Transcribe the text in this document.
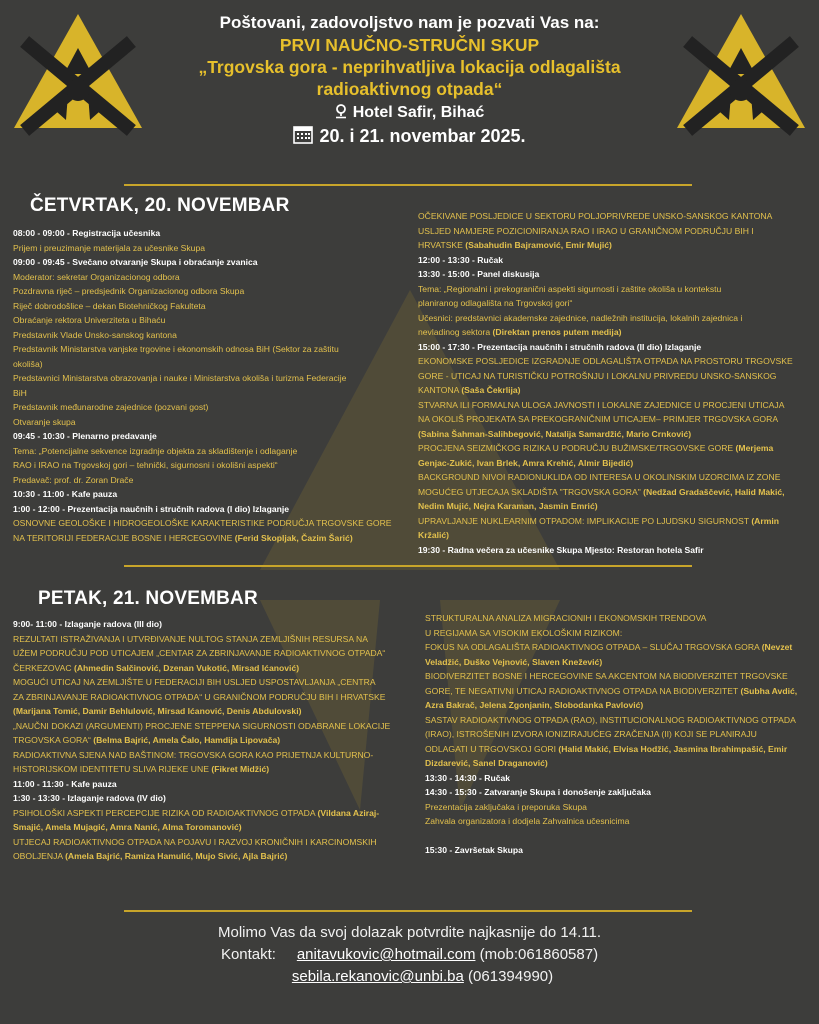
Poštovani, zadovoljstvo nam je pozvati Vas na:
PRVI NAUČNO-STRUČNI SKUP
„Trgovska gora - neprihvatljiva lokacija odlagališta
radioaktivnog otpada“
Hotel Safir, Bihać
20. i 21. novembar 2025.
ČETVRTAK, 20. NOVEMBAR
08:00 - 09:00 - Registracija učesnika
Prijem i preuzimanje materijala za učesnike Skupa
09:00 - 09:45 - Svečano otvaranje Skupa i obraćanje zvanica
Moderator: sekretar Organizacionog odbora
Pozdravna riječ – predsjednik Organizacionog odbora Skupa
Riječ dobrodošlice – dekan Biotehničkog Fakulteta
Obraćanje rektora Univerziteta u Bihaću
Predstavnik Vlade Unsko-sanskog kantona
Predstavnik Ministarstva vanjske trgovine i ekonomskih odnosa BiH (Sektor za zaštitu
okoliša)
Predstavnici Ministarstva obrazovanja i nauke i Ministarstva okoliša i turizma Federacije
BiH
Predstavnik međunarodne zajednice (pozvani gost)
Otvaranje skupa
09:45 - 10:30 - Plenarno predavanje
Tema: „Potencijalne sekvence izgradnje objekta za skladištenje i odlaganje
RAO i IRAO na Trgovskoj gori – tehnički, sigurnosni i okolišni aspekti“
Predavač: prof. dr. Zoran Drače
10:30 - 11:00 - Kafe pauza
1:00 - 12:00 - Prezentacija naučnih i stručnih radova (I dio) Izlaganje
OSNOVNE GEOLOŠKE I HIDROGEOLOŠKE KARAKTERISTIKE PODRUČJA TRGOVSKE GORE
NA TERITORIJI FEDERACIJE BOSNE I HERCEGOVINE (Ferid Skopljak, Čazim Šarić)
OČEKIVANE POSLJEDICE U SEKTORU POLJOPRIVREDE UNSKO-SANSKOG KANTONA
USLJED NAMJERE POZICIONIRANJA RAO I IRAO U GRANIČNOM PODRUČJU BIH I
HRVATSKE (Sabahudin Bajramović, Emir Mujić)
12:00 - 13:30 - Ručak
13:30 - 15:00 - Panel diskusija
Tema: „Regionalni i prekogranični aspekti sigurnosti i zaštite okoliša u kontekstu
planiranog odlagališta na Trgovskoj gori“
Učesnici: predstavnici akademske zajednice, nadležnih institucija, lokalnih zajednica i
nevladinog sektora (Direktan prenos putem medija)
15:00 - 17:30 - Prezentacija naučnih i stručnih radova (II dio) Izlaganje
EKONOMSKE POSLJEDICE IZGRADNJE ODLAGALIŠTA OTPADA NA PROSTORU TRGOVSKE
GORE - UTICAJ NA TURISTIČKU POTROŠNJU I LOKALNU PRIVREDU UNSKO-SANSKOG
KANTONA (Saša Čekrlija)
STVARNA ILI FORMALNA ULOGA JAVNOSTI I LOKALNE ZAJEDNICE U PROCJENI UTICAJA
NA OKOLIŠ PROJEKATA SA PREKOGRANIČNIM UTICAJEM– PRIMJER TRGOVSKA GORA
(Sabina Šahman-Salihbegović, Natalija Samardžić, Mario Crnković)
PROCJENA SEIZMIČKOG RIZIKA U PODRUČJU BUŽIMSKE/TRGOVSKE GORE (Merjema
Genjac-Zukić, Ivan Brlek, Amra Krehić, Almir Bijedić)
BACKGROUND NIVOI RADIONUKLIDA OD INTERESA U OKOLINSKIM UZORCIMA IZ ZONE
MOGUĆEG UTJECAJA SKLADIŠTA "TRGOVSKA GORA" (Nedžad Gradaščević, Halid Makić,
Nedim Mujić, Nejra Karaman, Jasmin Emrić)
UPRAVLJANJE NUKLEARNIM OTPADOM: IMPLIKACIJE PO LJUDSKU SIGURNOST (Armin
Kržalić)
19:30 - Radna večera za učesnike Skupa Mjesto: Restoran hotela Safir
PETAK, 21. NOVEMBAR
9:00- 11:00 - Izlaganje radova (III dio)
REZULTATI ISTRAŽIVANJA I UTVRĐIVANJE NULTOG STANJA ZEMLJIŠNIH RESURSA NA
UŽEM PODRUČJU POD UTICAJEM „CENTAR ZA ZBRINJAVANJE RADIOAKTIVNOG OTPADA“
ČERKEZOVAC (Ahmedin Salčinović, Dzenan Vukotić, Mirsad Ićanović)
MOGUĆI UTICAJ NA ZEMLJIŠTE U FEDERACIJI BIH USLJED USPOSTAVLJANJA „CENTRA
ZA ZBRINJAVANJE RADIOAKTIVNOG OTPADA“ U GRANIČNOM PODRUČJU BIH I HRVATSKE
(Marijana Tomić, Damir Behlulović, Mirsad Ićanović, Denis Abdulovski)
„NAUČNI DOKAZI (ARGUMENTI) PROCJENE STEPPENA SIGURNOSTI ODABRANE LOKACIJE
TRGOVSKA GORA“ (Belma Bajrić, Amela Čalo, Hamdija Lipovača)
RADIOAKTIVNA SJENA NAD BAŠTINOM: TRGOVSKA GORA KAO PRIJETNJA KULTURNO-
HISTORIJSKOM IDENTITETU SLIVA RIJEKE UNE (Fikret Midžić)
11:00 - 11:30 - Kafe pauza
1:30 - 13:30 - Izlaganje radova (IV dio)
PSIHOLOŠKI ASPEKTI PERCEPCIJE RIZIKA OD RADIOAKTIVNOG OTPADA (Vildana Aziraj-
Smajić, Amela Mujagić, Amra Nanić, Alma Toromanović)
UTJECAJ RADIOAKTIVNOG OTPADA NA POJAVU I RAZVOJ KRONIČNIH I KARCINOMSKIH
OBOLJENJA (Amela Bajrić, Ramiza Hamulić, Mujo Sivić, Ajla Bajrić)
STRUKTURALNA ANALIZA MIGRACIONIH I EKONOMSKIH TRENDOVA
U REGIJAMA SA VISOKIM EKOLOŠKIM RIZIKOM:
FOKUS NA ODLAGALIŠTA RADIOAKTIVNOG OTPADA – SLUČAJ TRGOVSKA GORA (Nevzet
Veladžić, Duško Vejnović, Slaven Knežević)
BIODIVERZITET BOSNE I HERCEGOVINE SA AKCENTOM NA BIODIVERZITET TRGOVSKE
GORE, TE NEGATIVNI UTICAJ RADIOAKTIVNOG OTPADA NA BIODIVERZITET (Subha Avdić,
Azra Bakrač, Jelena Zgonjanin, Slobodanka Pavlović)
SASTAV RADIOAKTIVNOG OTPADA (RAO), INSTITUCIONALNOG RADIOAKTIVNOG OTPADA
(IRAO), ISTROŠENIH IZVORA IONIZIRAJUĆEG ZRAČENJA (II) KOJI SE PLANIRAJU
ODLAGATI U TRGOVSKOJ GORI (Halid Makić, Elvisa Hodžić, Jasmina Ibrahimpašić, Emir
Dizdarević, Sanel Draganović)
13:30 - 14:30 - Ručak
14:30 - 15:30 - Zatvaranje Skupa i donošenje zaključaka
Prezentacija zaključaka i preporuka Skupa
Zahvala organizatora i dodjela Zahvalnica učesnicima
15:30 - Završetak Skupa
Molimo Vas da svoj dolazak potvrdite najkasnije do 14.11.
Kontakt: anitavukovic@hotmail.com (mob:061860587)
sebila.rekanovic@unbi.ba (061394990)
